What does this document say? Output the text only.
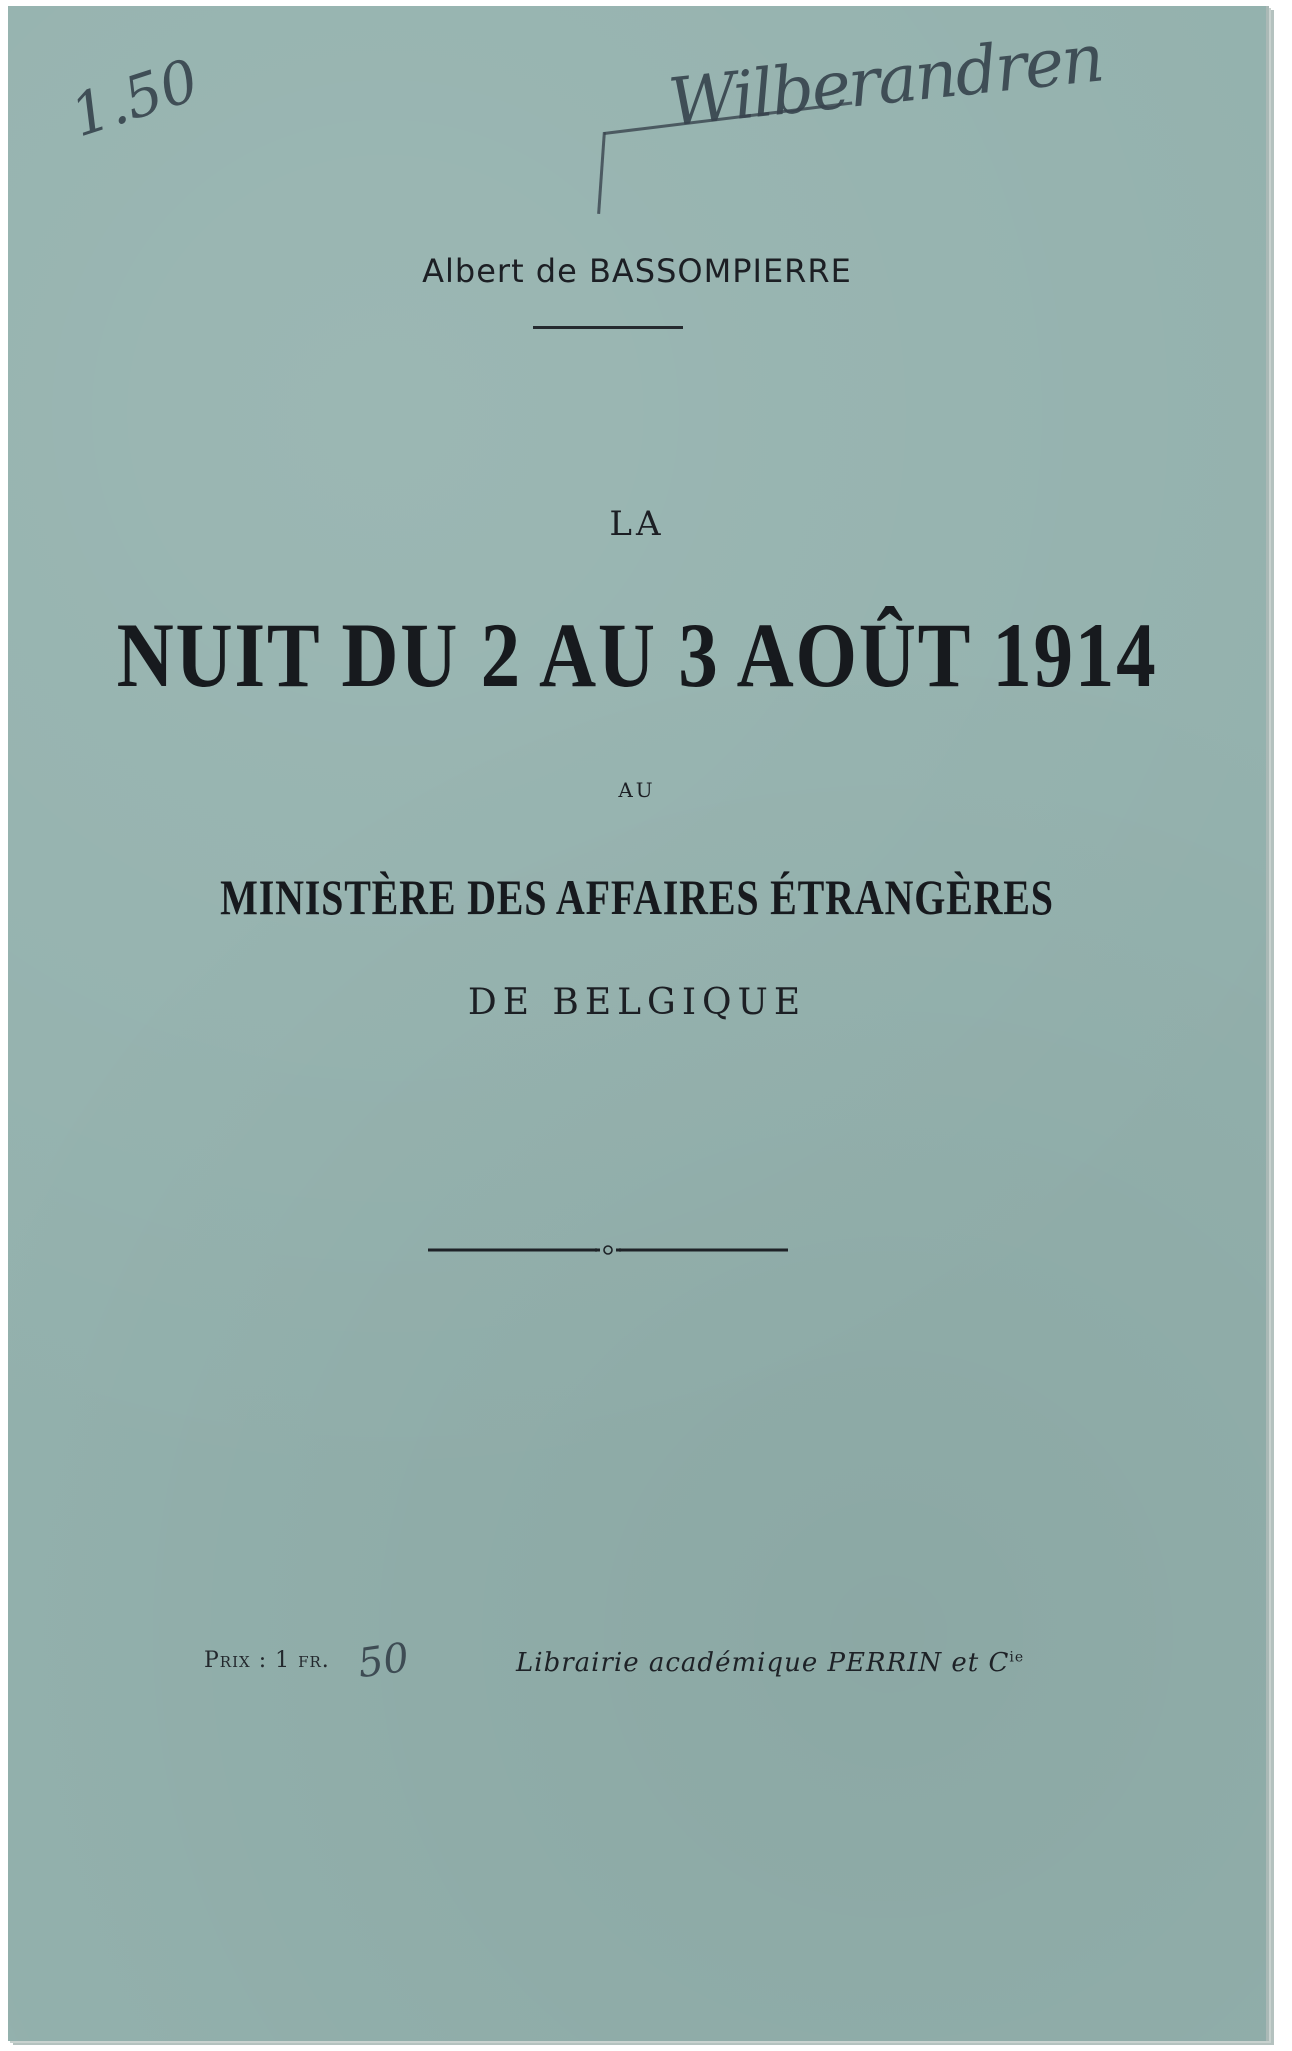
1.50	Wilberandren
Albert de BASSOMPIERRE
LA
NUIT DU 2 AU 3 AOÛT 1914
AU
MINISTÈRE DES AFFAIRES ÉTRANGÈRES
DE BELGIQUE
Prix : 1 fr. 50	Librairie académique PERRIN et $C^{ie}$
